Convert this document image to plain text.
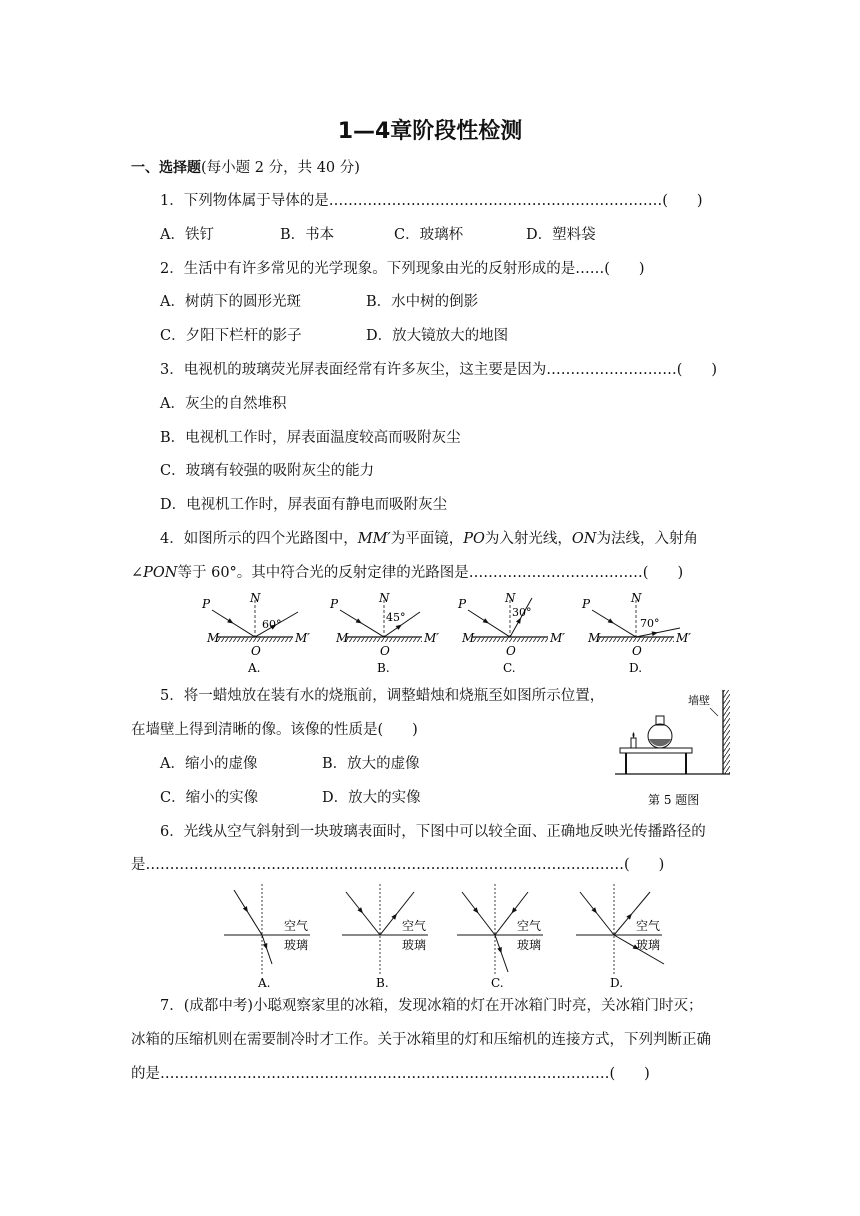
1—4章阶段性检测
一、选择题(每小题 2 分，共 40 分)
1．下列物体属于导体的是……………………………………………………………(　　)
A．铁钉	B．书本	C．玻璃杯	D．塑料袋
2．生活中有许多常见的光学现象。下列现象由光的反射形成的是……(　　)
A．树荫下的圆形光斑	B．水中树的倒影
C．夕阳下栏杆的影子	D．放大镜放大的地图
3．电视机的玻璃荧光屏表面经常有许多灰尘，这主要是因为………………………(　　)
A．灰尘的自然堆积
B．电视机工作时，屏表面温度较高而吸附灰尘
C．玻璃有较强的吸附灰尘的能力
D．电视机工作时，屏表面有静电而吸附灰尘
4．如图所示的四个光路图中，MM′为平面镜，PO为入射光线，ON为法线，入射角
∠PON等于 60°。其中符合光的反射定律的光路图是………………………………(　　)
P	N
M	M′
O
60°
A.
P	N
M	M′
O
45°
B.
P	N
M	M′
O
30°
C.
P	N
M	M′
O
70°
D.
5．将一蜡烛放在装有水的烧瓶前，调整蜡烛和烧瓶至如图所示位置，
在墙壁上得到清晰的像。该像的性质是(　　)
A．缩小的虚像	B．放大的虚像
C．缩小的实像	D．放大的实像
墙壁
第 5 题图
6．光线从空气斜射到一块玻璃表面时，下图中可以较全面、正确地反映光传播路径的
是………………………………………………………………………………………(　　)
空气
玻璃
A.
空气
玻璃
B.
空气
玻璃
C.
空气
玻璃
D.
7．(成都中考)小聪观察家里的冰箱，发现冰箱的灯在开冰箱门时亮，关冰箱门时灭；
冰箱的压缩机则在需要制冷时才工作。关于冰箱里的灯和压缩机的连接方式，下列判断正确
的是…………………………………………………………………………………(　　)
